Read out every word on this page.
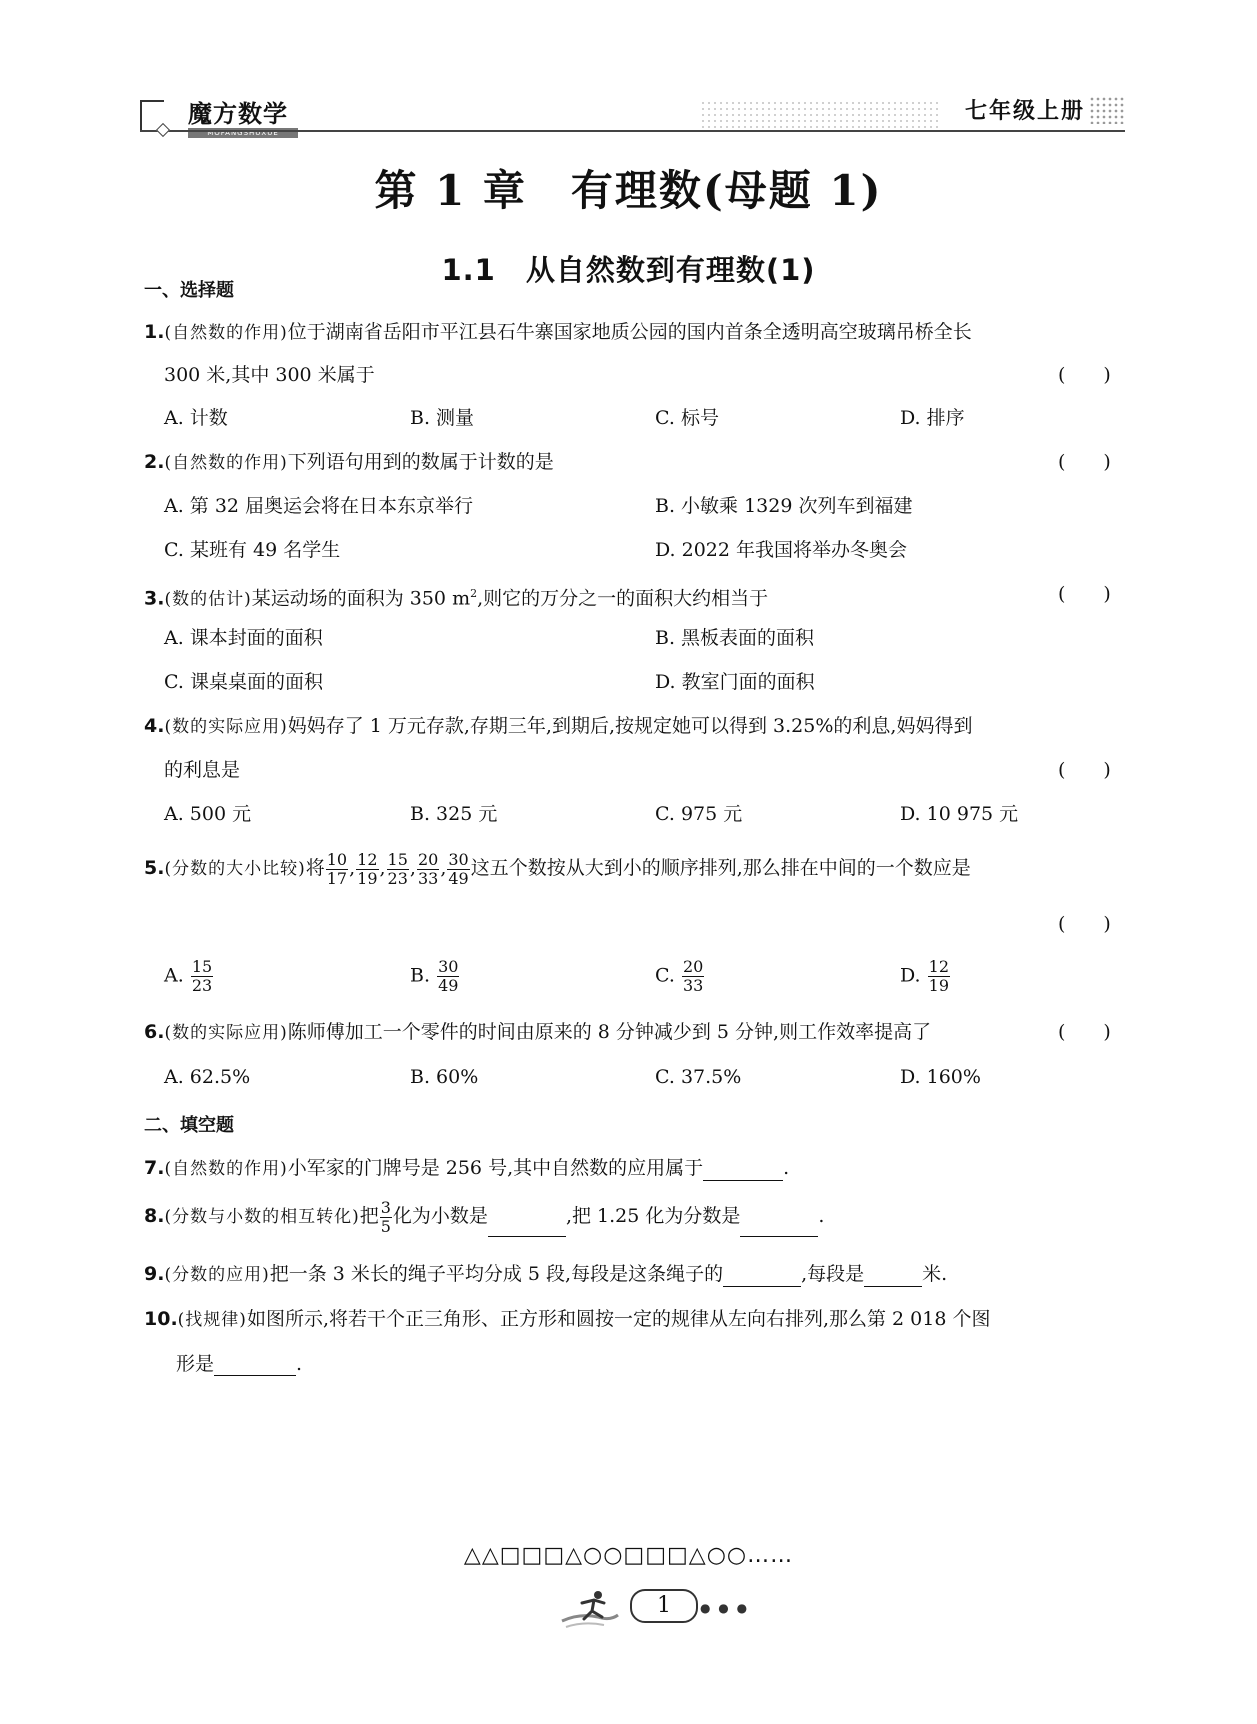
魔方数学
MOFANGSHUXUE
七年级上册
第 1 章　有理数(母题 1)
1.1　从自然数到有理数(1)
一、选择题
1.(自然数的作用)位于湖南省岳阳市平江县石牛寨国家地质公园的国内首条全透明高空玻璃吊桥全长
300 米,其中 300 米属于	(　　)
A. 计数	B. 测量	C. 标号	D. 排序
2.(自然数的作用)下列语句用到的数属于计数的是	(　　)
A. 第 32 届奥运会将在日本东京举行	B. 小敏乘 1329 次列车到福建
C. 某班有 49 名学生	D. 2022 年我国将举办冬奥会
3.(数的估计)某运动场的面积为 350 $m^2$,则它的万分之一的面积大约相当于	(　　)
A. 课本封面的面积	B. 黑板表面的面积
C. 课桌桌面的面积	D. 教室门面的面积
4.(数的实际应用)妈妈存了 1 万元存款,存期三年,到期后,按规定她可以得到 3.25%的利息,妈妈得到
的利息是	(　　)
A. 500 元	B. 325 元	C. 975 元	D. 10 975 元
5.(分数的大小比较)将 $\frac{10}{17}$ , $\frac{12}{19}$ , $\frac{15}{23}$ , $\frac{20}{33}$ , $\frac{30}{49}$ 这五个数按从大到小的顺序排列,那么排在中间的一个数应是
(　　)
A. $\frac{15}{23}$	B. $\frac{30}{49}$	C. $\frac{20}{33}$	D. $\frac{12}{19}$
6.(数的实际应用)陈师傅加工一个零件的时间由原来的 8 分钟减少到 5 分钟,则工作效率提高了	(　　)
A. 62.5%	B. 60%	C. 37.5%	D. 160%
二、填空题
7.(自然数的作用)小军家的门牌号是 256 号,其中自然数的应用属于	.
8.(分数与小数的相互转化)把 $\frac{3}{5}$ 化为小数是	,把 1.25 化为分数是	.
9.(分数的应用)把一条 3 米长的绳子平均分成 5 段,每段是这条绳子的	,每段是	米.
10.(找规律)如图所示,将若干个正三角形、正方形和圆按一定的规律从左向右排列,那么第 2 018 个图
形是	.
△△□□□△○○□□□△○○……
1	● ● ●
